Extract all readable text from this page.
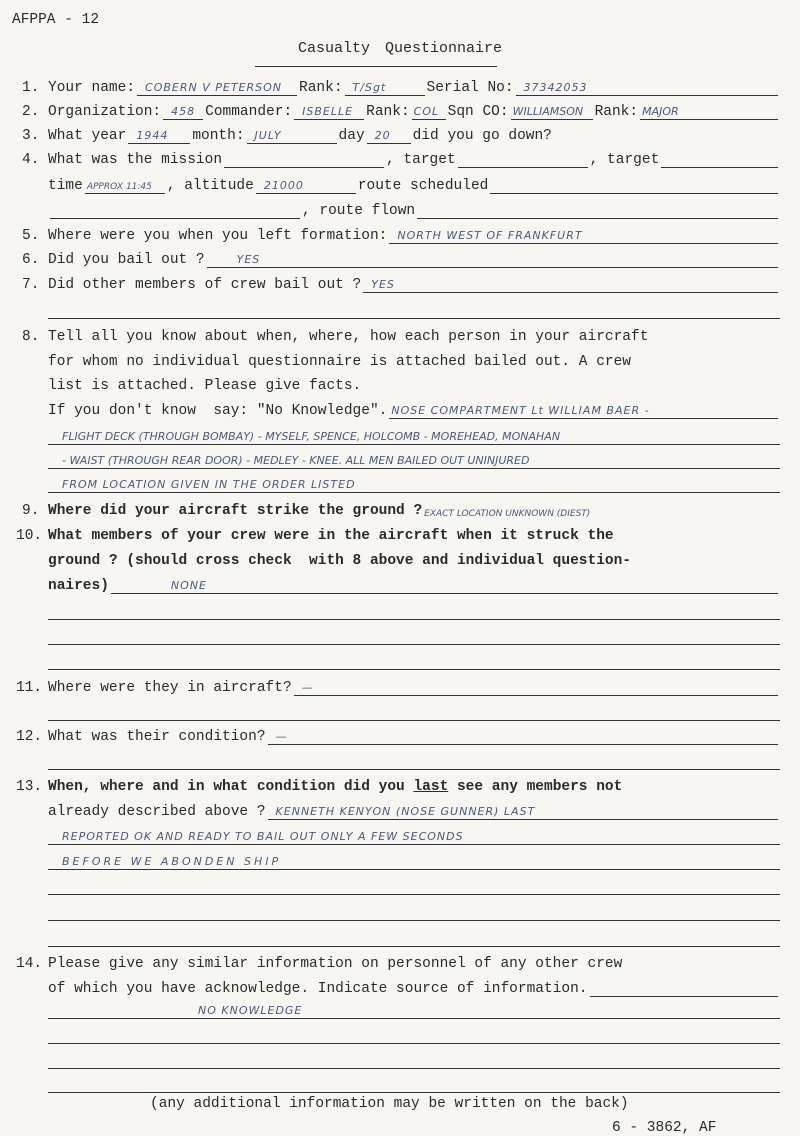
AFPPA - 12
Casualty Questionnaire
1. Your name: COBERN V PETERSON Rank: T/Sgt	Serial No: 37342053
2. Organization: 458 Commander: ISBELLE Rank: COL Sqn CO: WILLIAMSON Rank: MAJOR
3. What year 1944 month: JULY	day 20 did you go down?
4. What was the mission	, target	, target
time APPROX 11:45 , altitude 21000	route scheduled
, route flown
5. Where were you when you left formation: NORTH WEST OF FRANKFURT
6. Did you bail out ?	YES
7. Did other members of crew bail out ? YES
8. Tell all you know about when, where, how each person in your aircraft
for whom no individual questionnaire is attached bailed out. A crew
list is attached. Please give facts.
If you don't know  say: "No Knowledge". NOSE COMPARTMENT Lt WILLIAM BAER -
FLIGHT DECK (THROUGH BOMBAY) - MYSELF, SPENCE, HOLCOMB - MOREHEAD, MONAHAN
- WAIST (THROUGH REAR DOOR) - MEDLEY - KNEE. ALL MEN BAILED OUT UNINJURED
FROM LOCATION GIVEN IN THE ORDER LISTED
9. Where did your aircraft strike the ground ? EXACT LOCATION UNKNOWN (DIEST)
10. What members of your crew were in the aircraft when it struck the
ground ? (should cross check  with 8 above and individual question-
naires)	NONE
11. Where were they in aircraft? —
12. What was their condition? —
13. When, where and in what condition did you last see any members not
already described above ? KENNETH KENYON (NOSE GUNNER) LAST
REPORTED OK AND READY TO BAIL OUT ONLY A FEW SECONDS
BEFORE WE ABONDEN SHIP
14. Please give any similar information on personnel of any other crew
of which you have acknowledge. Indicate source of information.
NO KNOWLEDGE
(any additional information may be written on the back)
6 - 3862, AF
